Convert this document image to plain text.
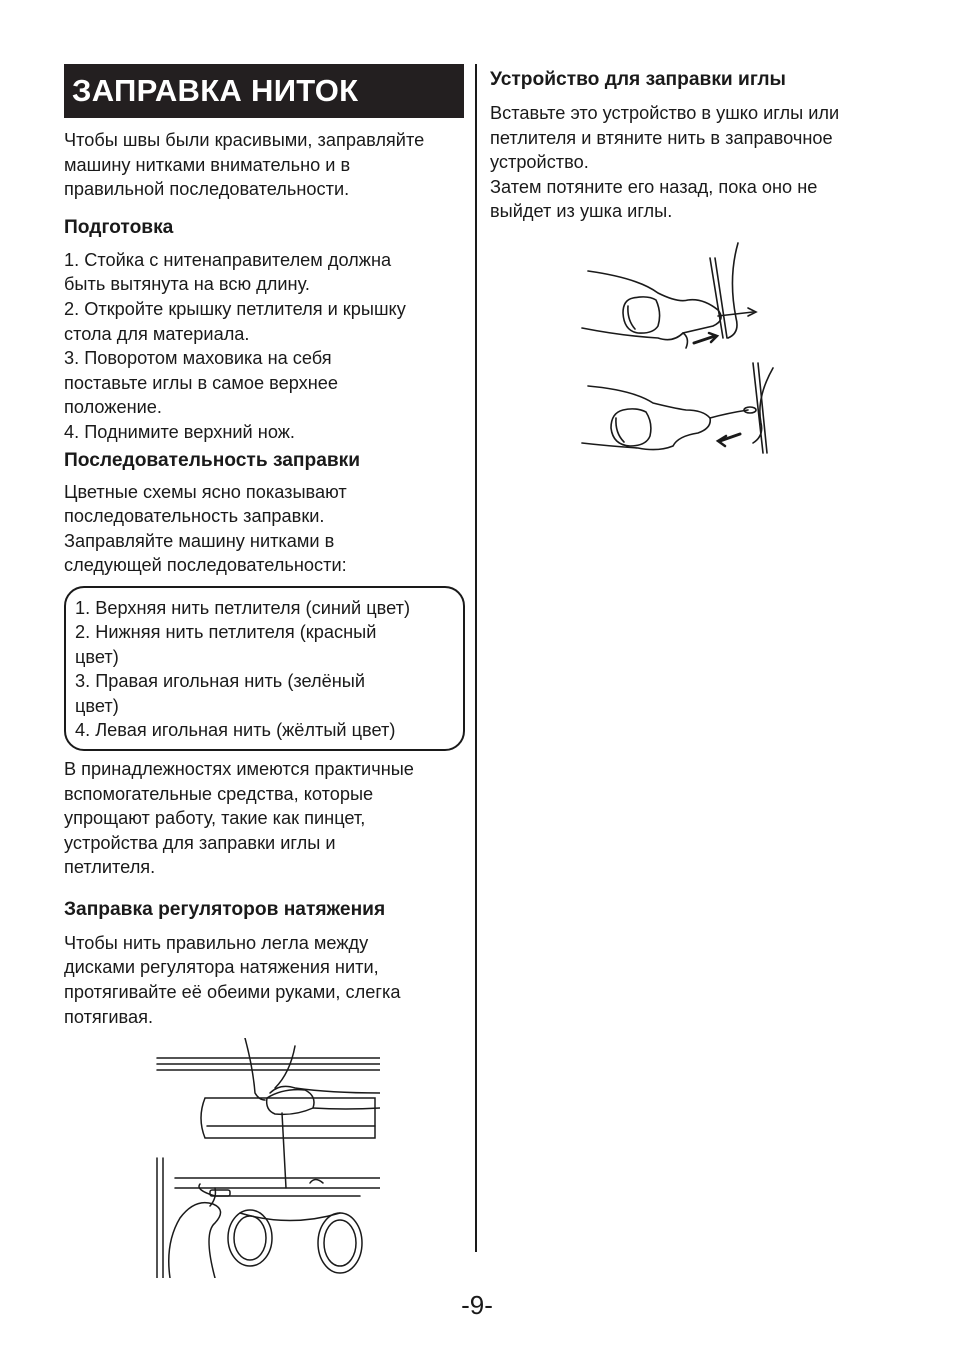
ЗАПРАВКА НИТОК

Чтобы швы были красивыми, заправляйте

машину нитками внимательно и в

правильной последовательности.

Подготовка

1. Стойка с нитенаправителем должна

быть вытянута на всю длину.

2. Откройте крышку петлителя и крышку

стола для материала.

3. Поворотом маховика на себя

поставьте иглы в самое верхнее

положение.

4. Поднимите верхний нож.

Последовательность заправки

Цветные схемы ясно показывают

последовательность заправки.

Заправляйте машину нитками в

следующей последовательности:

1. Верхняя нить петлителя (синий цвет)

2. Нижняя нить петлителя (красный

цвет)

3. Правая игольная нить (зелёный

цвет)

4. Левая игольная нить (жёлтый цвет)

В принадлежностях имеются практичные

вспомогательные средства, которые

упрощают работу, такие как пинцет,

устройства для заправки иглы и

петлителя.

Заправка регуляторов натяжения

Чтобы нить правильно легла между

дисками регулятора натяжения нити,

протягивайте её обеими руками, слегка

потягивая.

Устройство для заправки иглы

Вставьте это устройство в ушко иглы или

петлителя и втяните нить в заправочное

устройство.

Затем потяните его назад, пока оно не

выйдет из ушка иглы.

-9-
